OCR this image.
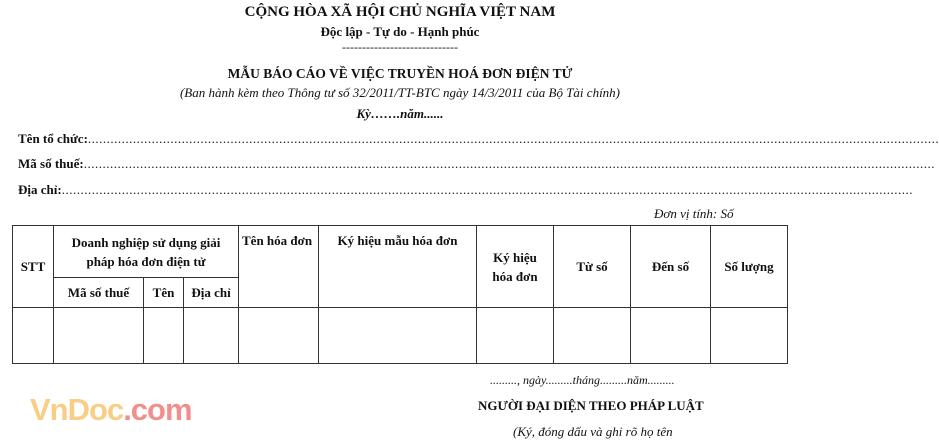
CỘNG HÒA XÃ HỘI CHỦ NGHĨA VIỆT NAM
Độc lập - Tự do - Hạnh phúc
-----------------------------
MẪU BÁO CÁO VỀ VIỆC TRUYỀN HOÁ ĐƠN ĐIỆN TỬ
(Ban hành kèm theo Thông tư số 32/2011/TT-BTC ngày 14/3/2011 của Bộ Tài chính)
Kỳ…….năm......
Tên tổ chức: ...................................................................................................................................................................................................................................
Mã số thuế: ...................................................................................................................................................................................................................................
Địa chỉ: ...................................................................................................................................................................................................................................
Đơn vị tính: Số
STT	Doanh nghiệp sử dụng giải pháp hóa đơn điện tử			Tên hóa đơn	Ký hiệu mẫu hóa đơn	Ký hiệu hóa đơn	Từ số	Đến số	Số lượng
	Mã số thuế	Tên	Địa chỉ						

........., ngày.........tháng.........năm.........
VnDoc.com	NGƯỜI ĐẠI DIỆN THEO PHÁP LUẬT
(Ký, đóng dấu và ghi rõ họ tên
